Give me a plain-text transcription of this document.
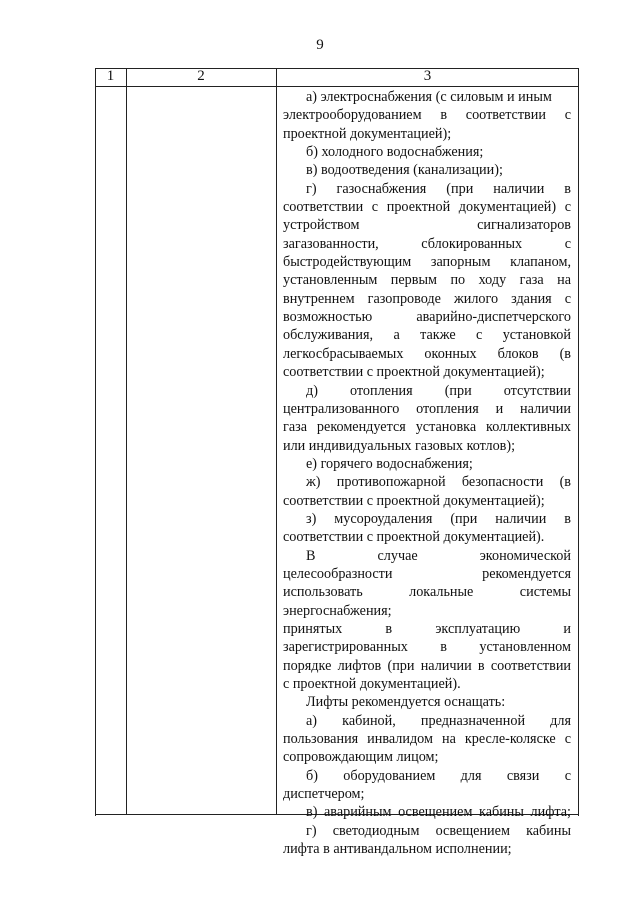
9
1	2	3
а) электроснабжения (с силовым и иным
электрооборудованием в соответствии с
проектной документацией);
б) холодного водоснабжения;
в) водоотведения (канализации);
г) газоснабжения (при наличии в
соответствии с проектной документацией) с
устройством сигнализаторов
загазованности, сблокированных с
быстродействующим запорным клапаном,
установленным первым по ходу газа на
внутреннем газопроводе жилого здания с
возможностью аварийно-диспетчерского
обслуживания, а также с установкой
легкосбрасываемых оконных блоков (в
соответствии с проектной документацией);
д) отопления (при отсутствии
централизованного отопления и наличии
газа рекомендуется установка коллективных
или индивидуальных газовых котлов);
е) горячего водоснабжения;
ж) противопожарной безопасности (в
соответствии с проектной документацией);
з) мусороудаления (при наличии в
соответствии с проектной документацией).
В случае экономической
целесообразности рекомендуется
использовать локальные системы
энергоснабжения;
принятых в эксплуатацию и
зарегистрированных в установленном
порядке лифтов (при наличии в соответствии
с проектной документацией).
Лифты рекомендуется оснащать:
а) кабиной, предназначенной для
пользования инвалидом на кресле-коляске с
сопровождающим лицом;
б) оборудованием для связи с
диспетчером;
в) аварийным освещением кабины лифта;
г) светодиодным освещением кабины
лифта в антивандальном исполнении;
